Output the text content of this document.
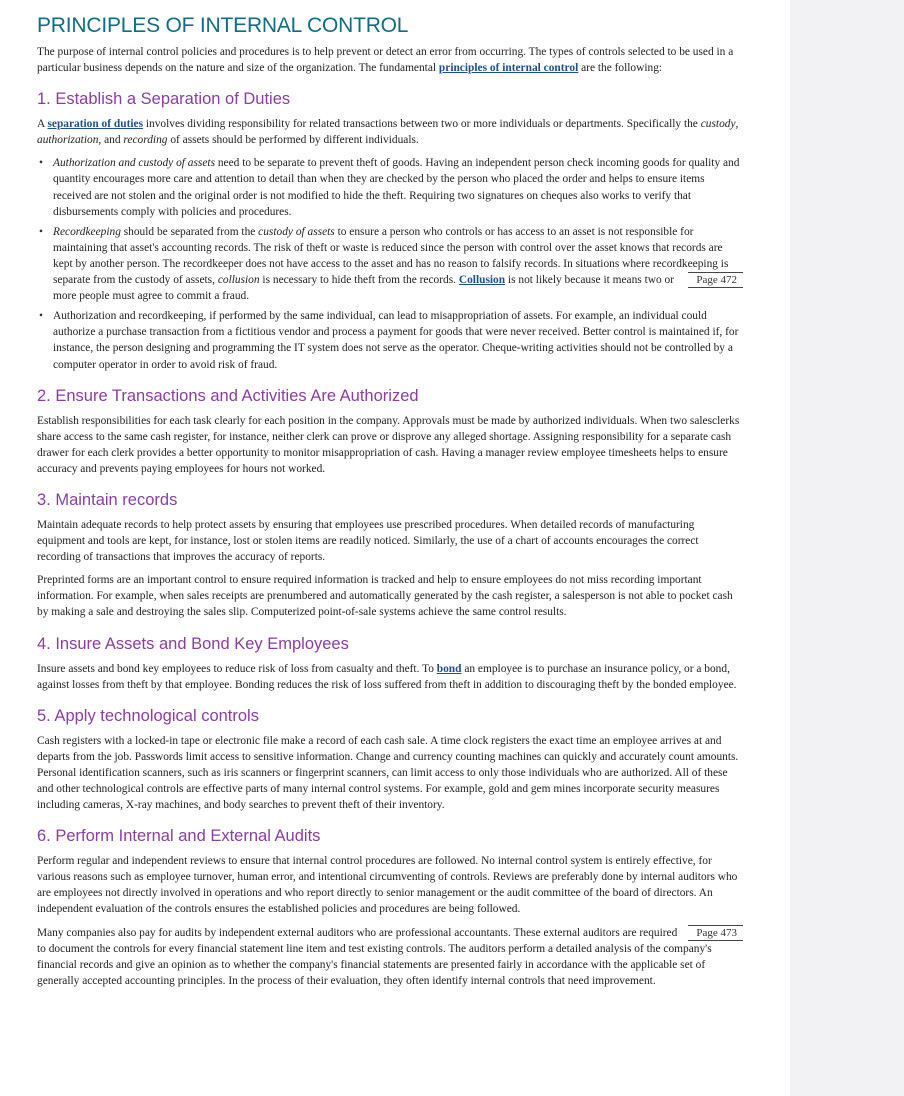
PRINCIPLES OF INTERNAL CONTROL

The purpose of internal control policies and procedures is to help prevent or detect an error from occurring. The types of controls selected to be used in a particular business depends on the nature and size of the organization. The fundamental principles of internal control are the following:

1. Establish a Separation of Duties

A separation of duties involves dividing responsibility for related transactions between two or more individuals or departments. Specifically the custody, authorization, and recording of assets should be performed by different individuals.

• Authorization and custody of assets need to be separate to prevent theft of goods. Having an independent person check incoming goods for quality and quantity encourages more care and attention to detail than when they are checked by the person who placed the order and helps to ensure items received are not stolen and the original order is not modified to hide the theft. Requiring two signatures on cheques also works to verify that disbursements comply with policies and procedures.
• Recordkeeping should be separated from the custody of assets to ensure a person who controls or has access to an asset is not responsible for maintaining that asset's accounting records. The risk of theft or waste is reduced since the person with control over the asset knows that records are kept by another person. The recordkeeper does not have access to the asset and has no reason to falsify records. In situations where recordkeeping is separate from the custody of assets, collusion is necessary to hide theft from the records.	Page 472
Collusion is not likely because it means two or more people must agree to commit a fraud.
• Authorization and recordkeeping, if performed by the same individual, can lead to misappropriation of assets. For example, an individual could authorize a purchase transaction from a fictitious vendor and process a payment for goods that were never received. Better control is maintained if, for instance, the person designing and programming the IT system does not serve as the operator. Cheque-writing activities should not be controlled by a computer operator in order to avoid risk of fraud.
2. Ensure Transactions and Activities Are Authorized

Establish responsibilities for each task clearly for each position in the company. Approvals must be made by authorized individuals. When two salesclerks share access to the same cash register, for instance, neither clerk can prove or disprove any alleged shortage. Assigning responsibility for a separate cash drawer for each clerk provides a better opportunity to monitor misappropriation of cash. Having a manager review employee timesheets helps to ensure accuracy and prevents paying employees for hours not worked.

3. Maintain records

Maintain adequate records to help protect assets by ensuring that employees use prescribed procedures. When detailed records of manufacturing equipment and tools are kept, for instance, lost or stolen items are readily noticed. Similarly, the use of a chart of accounts encourages the correct recording of transactions that improves the accuracy of reports.

Preprinted forms are an important control to ensure required information is tracked and help to ensure employees do not miss recording important information. For example, when sales receipts are prenumbered and automatically generated by the cash register, a salesperson is not able to pocket cash by making a sale and destroying the sales slip. Computerized point-of-sale systems achieve the same control results.

4. Insure Assets and Bond Key Employees

Insure assets and bond key employees to reduce risk of loss from casualty and theft. To bond an employee is to purchase an insurance policy, or a bond, against losses from theft by that employee. Bonding reduces the risk of loss suffered from theft in addition to discouraging theft by the bonded employee.

5. Apply technological controls

Cash registers with a locked-in tape or electronic file make a record of each cash sale. A time clock registers the exact time an employee arrives at and departs from the job. Passwords limit access to sensitive information. Change and currency counting machines can quickly and accurately count amounts. Personal identification scanners, such as iris scanners or fingerprint scanners, can limit access to only those individuals who are authorized. All of these and other technological controls are effective parts of many internal control systems. For example, gold and gem mines incorporate security measures including cameras, X-ray machines, and body searches to prevent theft of their inventory.

6. Perform Internal and External Audits

Perform regular and independent reviews to ensure that internal control procedures are followed. No internal control system is entirely effective, for various reasons such as employee turnover, human error, and intentional circumventing of controls. Reviews are preferably done by internal auditors who are employees not directly involved in operations and who report directly to senior management or the audit committee of the board of directors. An independent evaluation of the controls ensures the established policies and procedures are being followed.

Page 473
Many companies also pay for audits by independent external auditors who are professional accountants. These external auditors are required to document the controls for every financial statement line item and test existing controls. The auditors perform a detailed analysis of the company's financial records and give an opinion as to whether the company's financial statements are presented fairly in accordance with the applicable set of generally accepted accounting principles. In the process of their evaluation, they often identify internal controls that need improvement.
